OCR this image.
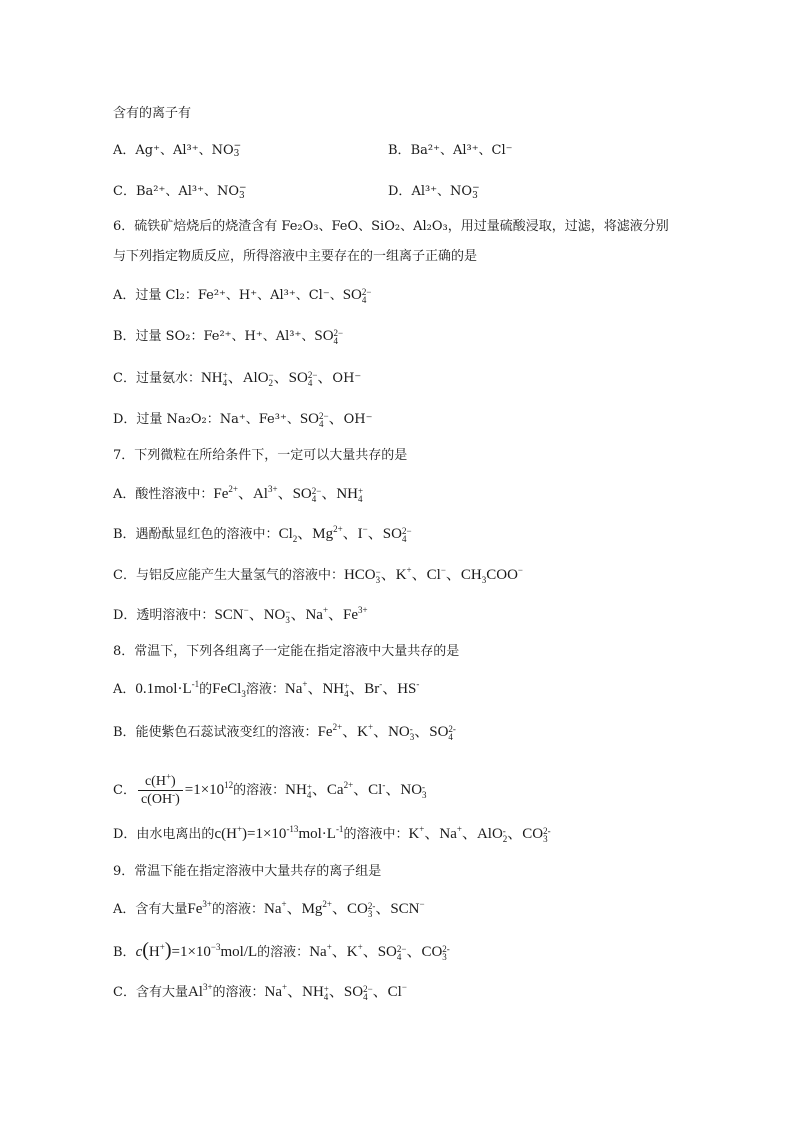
含有的离子有
A．Ag⁺、Al³⁺、NO −
3	B．Ba²⁺、Al³⁺、Cl⁻
C．Ba²⁺、Al³⁺、NO −
3	D．Al³⁺、NO −
3
6．硫铁矿焙烧后的烧渣含有 Fe₂O₃、FeO、SiO₂、Al₂O₃，用过量硫酸浸取，过滤，将滤液分别
与下列指定物质反应，所得溶液中主要存在的一组离子正确的是
A．过量 Cl₂：Fe²⁺、H⁺、Al³⁺、Cl⁻、SO 2−
4
B．过量 SO₂：Fe²⁺、H⁺、Al³⁺、SO 2−
4
C．过量氨水：NH +
4 、AlO −
2 、SO 2−
4 、OH⁻
D．过量 Na₂O₂：Na⁺、Fe³⁺、SO 2−
4 、OH⁻
7．下列微粒在所给条件下，一定可以大量共存的是
A．酸性溶液中：$Fe^{2+}$、$Al^{3+}$、SO 2−
4 、NH +
4
B．遇酚酞显红色的溶液中：$Cl_2$、$Mg^{2+}$、I−、SO 2−
4
C．与铝反应能产生大量氢气的溶液中：HCO −
3 、K+、Cl−、$CH_3COO^-$
D．透明溶液中：SCN−、NO −
3 、Na+、$Fe^{3+}$
8．常温下，下列各组离子一定能在指定溶液中大量共存的是
A．$0.1mol\cdot L^{-1}$的FeCl$_3$溶液：Na+、NH +
4 、Br-、HS-
B．能使紫色石蕊试液变红的溶液：$Fe^{2+}$、K+、NO -
3 、SO 2-
4
C． $\frac{c(H^+)}{c(OH^-)} =1\times 10^{12}$的溶液：NH +
4 、$Ca^{2+}$、Cl-、NO -
3
D．由水电离出的$c(H^+)=1\times 10^{-13}mol\cdot L^{-1}$的溶液中：K+、Na+、AlO -
2 、CO 2-
3
9．常温下能在指定溶液中大量共存的离子组是
A．含有大量$Fe^{3+}$的溶液：Na+、$Mg^{2+}$、CO 2-
3 、SCN−
B．$c(H^+)=1\times 10^{-3}mol/L$的溶液：Na+、K+、SO 2−
4 、CO 2-
3
C．含有大量$Al^{3+}$的溶液：Na+、NH +
4 、SO 2−
4 、Cl−
